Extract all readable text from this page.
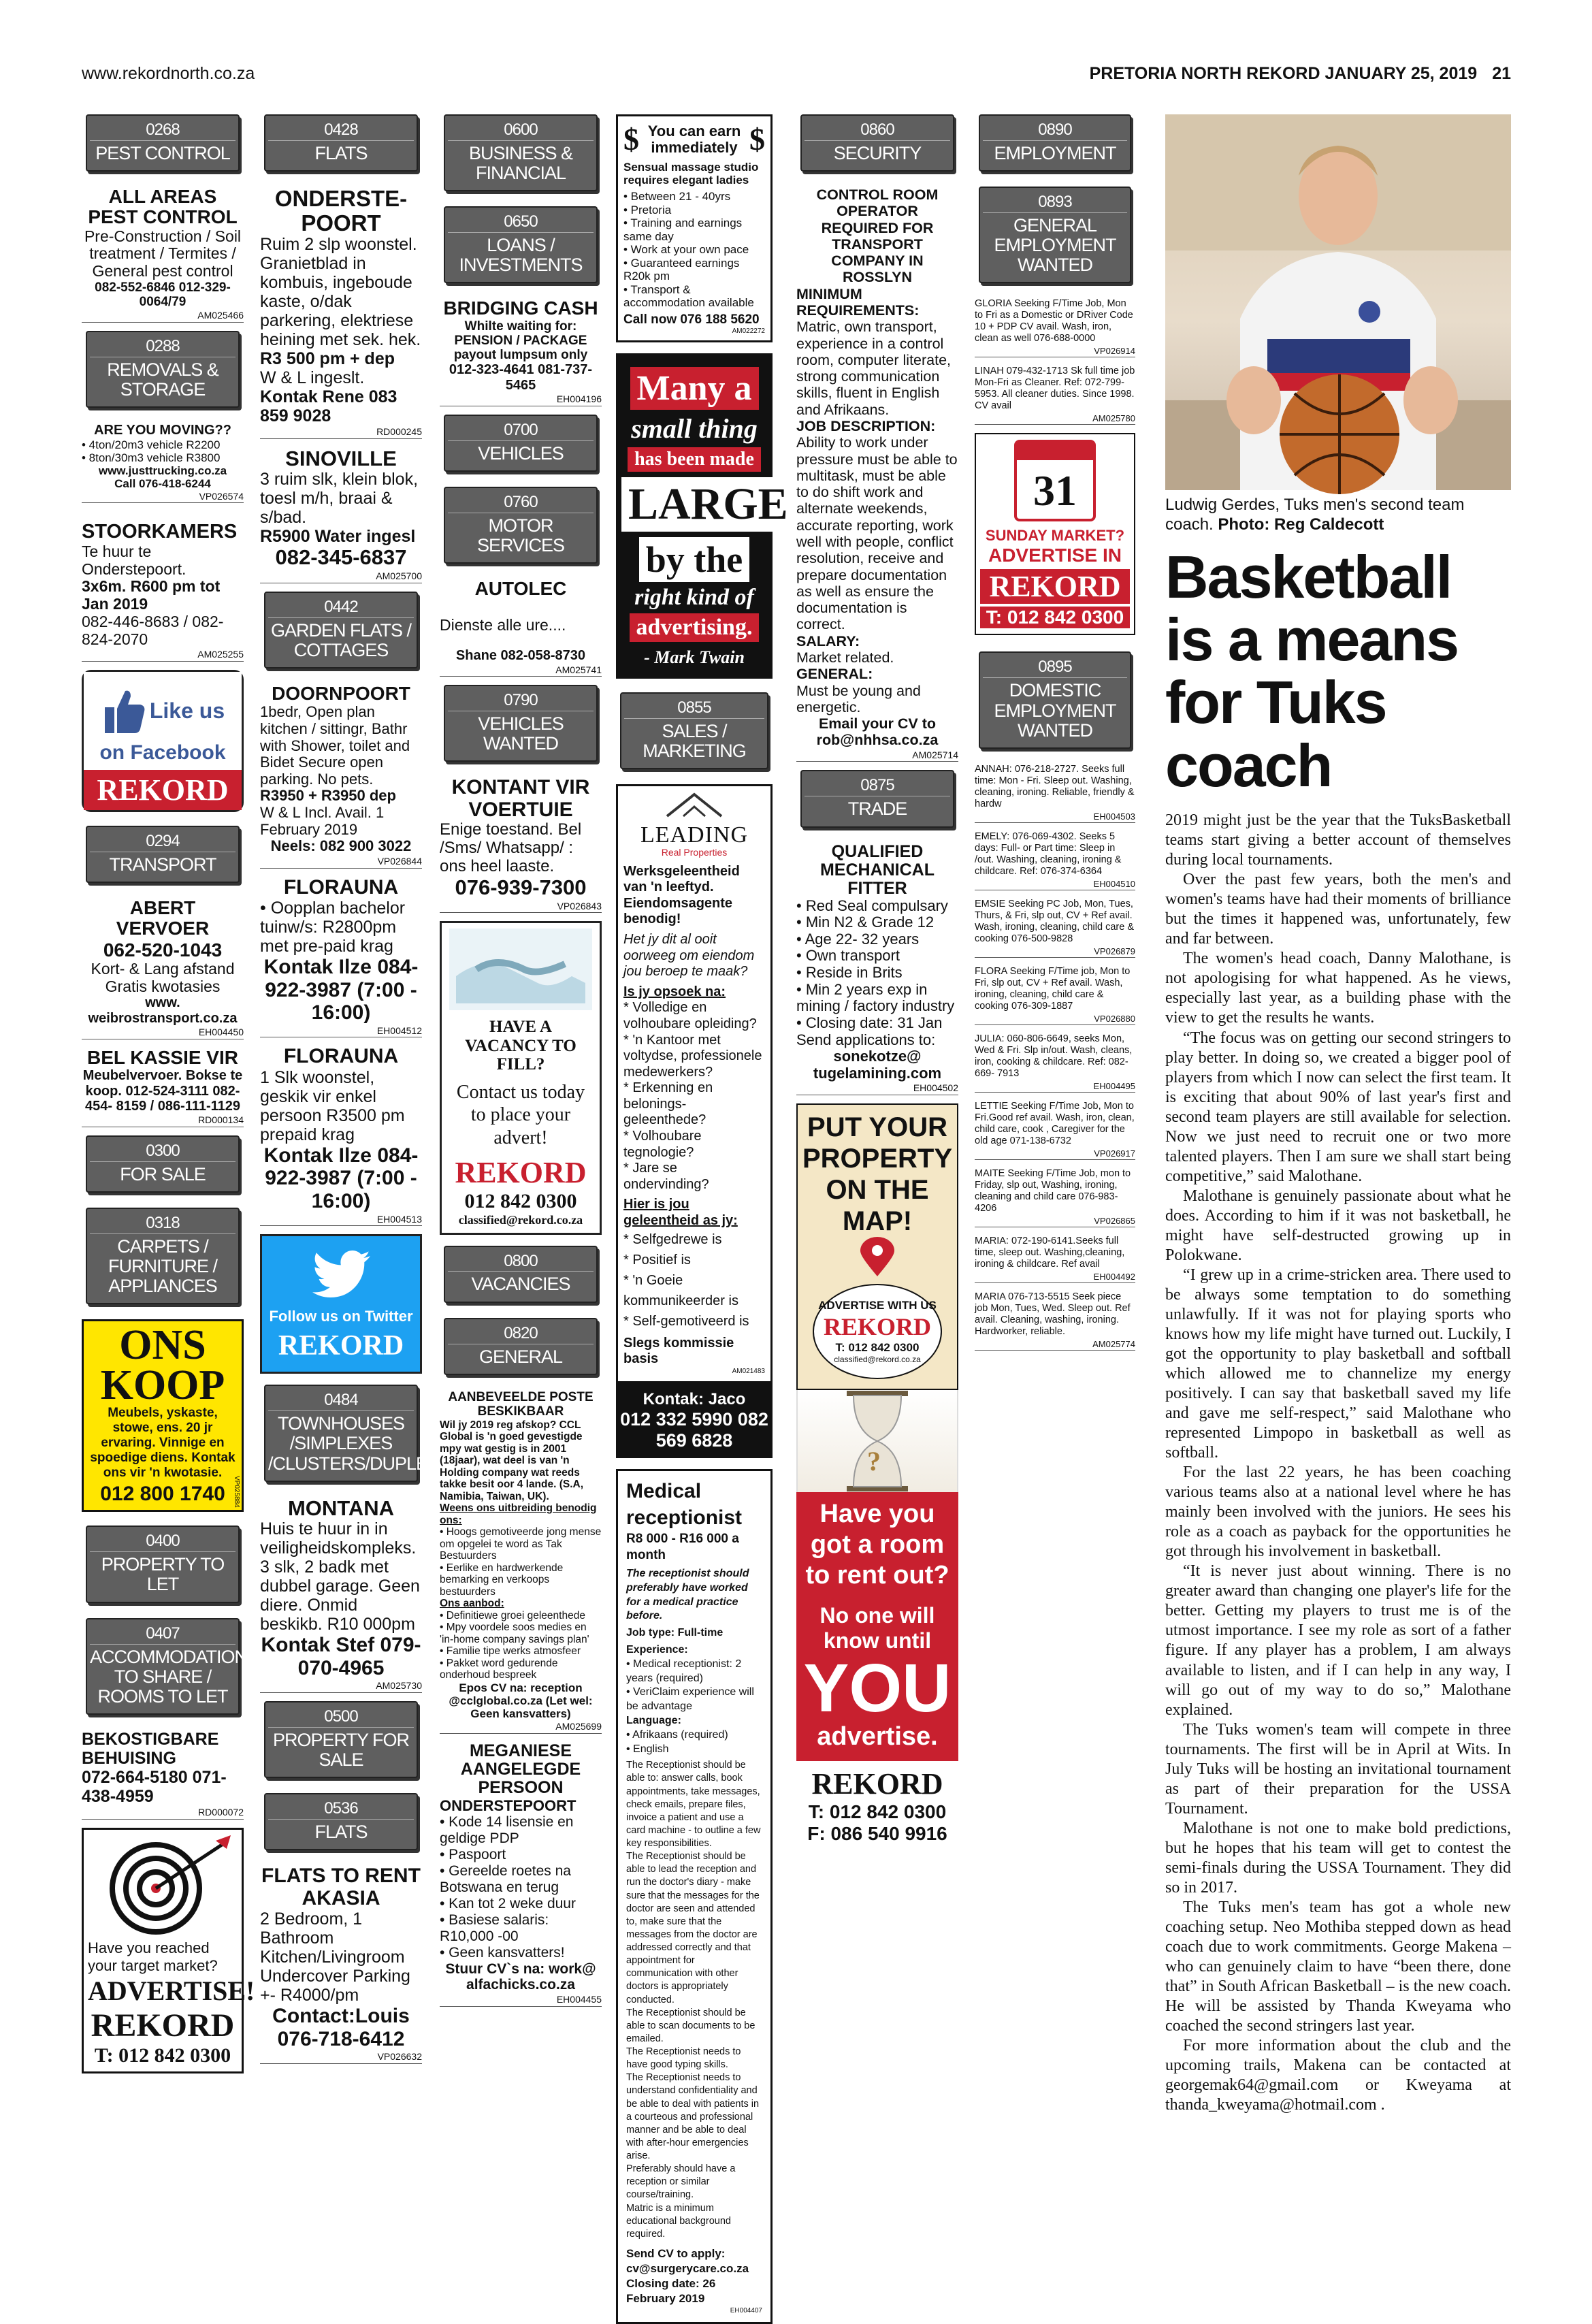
www.rekordnorth.co.za	PRETORIA NORTH REKORD JANUARY 25, 2019 21
0268
PEST CONTROL
ALL AREAS PEST CONTROL
Pre-Construction / Soil treatment / Termites / General pest control
082-552-6846 012-329-0064/79
AM025466
0288
REMOVALS & STORAGE
ARE YOU MOVING??
• 4ton/20m3 vehicle R2200
• 8ton/30m3 vehicle R3800
www.justtrucking.co.za
Call 076-418-6244
VP026574
STOORKAMERS
Te huur te Onderstepoort.
3x6m. R600 pm tot Jan 2019
082-446-8683 / 082-824-2070
AM025255
Like us
on Facebook
REKORD
0294
TRANSPORT
ABERT VERVOER
062-520-1043
Kort- & Lang afstand Gratis kwotasies
www. weibrostransport.co.za
EH004450
BEL KASSIE VIR
Meubelvervoer. Bokse te koop. 012-524-3111 082-454- 8159 / 086-111-1129
RD000134
0300
FOR SALE
0318
CARPETS / FURNITURE / APPLIANCES
ONS KOOP
Meubels, yskaste, stowe, ens. 20 jr ervaring. Vinnige en spoedige diens. Kontak ons vir 'n kwotasie.
012 800 1740	VP025884
0400
PROPERTY TO LET
0407
ACCOMMODATION TO SHARE / ROOMS TO LET
BEKOSTIGBARE BEHUISING
072-664-5180 071- 438-4959
RD000072
Have you reached your target market?
ADVERTISE!
REKORD
T: 012 842 0300
0428
FLATS
ONDERSTE- POORT
Ruim 2 slp woonstel. Granietblad in kombuis, ingeboude kaste, o/dak parkering, elektriese heining met sek. hek.
R3 500 pm + dep
W & L ingeslt.
Kontak Rene 083 859 9028
RD000245
SINOVILLE
3 ruim slk, klein blok, toesl m/h, braai & s/bad.
R5900 Water ingesl
082-345-6837
AM025700
0442
GARDEN FLATS / COTTAGES
DOORNPOORT
1bedr, Open plan kitchen / sittingr, Bathr with Shower, toilet and Bidet Secure open parking. No pets.
R3950 + R3950 dep
W & L Incl. Avail. 1 February 2019
Neels: 082 900 3022
VP026844
FLORAUNA
• Oopplan bachelor tuinw/s: R2800pm met pre-paid krag
Kontak Ilze 084-922-3987 (7:00 - 16:00)
EH004512
FLORAUNA
1 Slk woonstel, geskik vir enkel persoon R3500 pm prepaid krag
Kontak Ilze 084-922-3987 (7:00 - 16:00)
EH004513
Follow us on Twitter
REKORD
0484
TOWNHOUSES /SIMPLEXES /CLUSTERS/DUPLEXES
MONTANA
Huis te huur in in veiligheidskompleks. 3 slk, 2 badk met dubbel garage. Geen diere. Onmid beskikb. R10 000pm
Kontak Stef 079-070-4965
AM025730
0500
PROPERTY FOR SALE
0536
FLATS
FLATS TO RENT AKASIA
2 Bedroom, 1 Bathroom Kitchen/Livingroom Undercover Parking +- R4000/pm
Contact:Louis 076-718-6412
VP026632
0600
BUSINESS & FINANCIAL
0650
LOANS / INVESTMENTS
BRIDGING CASH
Whilte waiting for: PENSION / PACKAGE payout lumpsum only
012-323-4641 081-737-5465
EH004196
0700
VEHICLES
0760
MOTOR SERVICES
AUTOLEC
Dienste alle ure....
Shane 082-058-8730
AM025741
0790
VEHICLES WANTED
KONTANT VIR VOERTUIE
Enige toestand. Bel /Sms/ Whatsapp/ : ons heel laaste.
076-939-7300
VP026843
HAVE A VACANCY TO FILL?
Contact us today to place your advert!
REKORD
012 842 0300
classified@rekord.co.za
0800
VACANCIES
0820
GENERAL
AANBEVEELDE POSTE BESKIKBAAR
Wil jy 2019 reg afskop? CCL Global is 'n goed gevestigde mpy wat gestig is in 2001 (18jaar), wat deel is van 'n Holding company wat reeds takke besit oor 4 lande. (S.A, Namibia, Taiwan, UK).
Weens ons uitbreiding benodig ons:
• Hoogs gemotiveerde jong mense om opgelei te word as Tak Bestuurders
• Eerlike en hardwerkende bemarking en verkoops bestuurders
Ons aanbod:
• Definitiewe groei geleenthede
• Mpy voordele soos medies en 'in-home company savings plan'
• Familie tipe werks atmosfeer
• Pakket word gedurende onderhoud bespreek
Epos CV na: reception @cclglobal.co.za (Let wel: Geen kansvatters)
AM025699
MEGANIESE AANGELEGDE PERSOON
ONDERSTEPOORT
• Kode 14 lisensie en geldige PDP
• Paspoort
• Gereelde roetes na Botswana en terug
• Kan tot 2 weke duur
• Basiese salaris: R10,000 -00
• Geen kansvatters!
Stuur CV`s na: work@ alfachicks.co.za
EH004455
$ You can earn immediately $
Sensual massage studio requires elegant ladies
• Between 21 - 40yrs
• Pretoria
• Training and earnings same day
• Work at your own pace
• Guaranteed earnings R20k pm
• Transport & accommodation available
Call now 076 188 5620
AM022272
Many a

small thing
has been made
LARGE
by the
right kind of
advertising.
- Mark Twain
0855
SALES / MARKETING
LEADING
Real Properties
Werksgeleentheid van 'n leeftyd. Eiendomsagente benodig!
Het jy dit al ooit oorweeg om eiendom jou beroep te maak?
Is jy opsoek na:
* Volledige en volhoubare opleiding?
* 'n Kantoor met voltydse, professionele medewerkers?
* Erkenning en belonings- geleenthede?
* Volhoubare tegnologie?
* Jare se ondervinding?
Hier is jou geleentheid as jy:
* Selfgedrewe is
* Positief is
* 'n Goeie kommunikeerder is
* Self-gemotiveerd is
Slegs kommissie basis
AM021483
Kontak: Jaco
012 332 5990 082 569 6828
Medical receptionist
R8 000 - R16 000 a month
The receptionist should preferably have worked for a medical practice before.
Job type: Full-time
Experience:
• Medical receptionist: 2 years (required)
• VeriClaim experience will be advantage
Language:
• Afrikaans (required)
• English
The Receptionist should be able to: answer calls, book appointments, take messages, check emails, prepare files, invoice a patient and use a card machine - to outline a few key responsibilities.
The Receptionist should be able to lead the reception and run the doctor's diary - make sure that the messages for the doctor are seen and attended to, make sure that the messages from the doctor are addressed correctly and that appointment for communication with other doctors is appropriately conducted.
The Receptionist should be able to scan documents to be emailed.
The Receptionist needs to have good typing skills.
The Receptionist needs to understand confidentiality and be able to deal with patients in a courteous and professional manner and be able to deal with after-hour emergencies arise.
Preferably should have a reception or similar course/training.
Matric is a minimum educational background required.
Send CV to apply: cv@surgerycare.co.za
Closing date: 26 February 2019
EH004407
0860
SECURITY
CONTROL ROOM OPERATOR REQUIRED FOR TRANSPORT COMPANY IN ROSSLYN
MINIMUM REQUIREMENTS:
Matric, own transport, experience in a control room, computer literate, strong communication skills, fluent in English and Afrikaans.
JOB DESCRIPTION:
Ability to work under pressure must be able to multitask, must be able to do shift work and alternate weekends, accurate reporting, work well with people, conflict resolution, receive and prepare documentation as well as ensure the documentation is correct.
SALARY:
Market related.
GENERAL:
Must be young and energetic.
Email your CV to rob@nhhsa.co.za
AM025714
0875
TRADE
QUALIFIED MECHANICAL FITTER
• Red Seal compulsary
• Min N2 & Grade 12
• Age 22- 32 years
• Own transport
• Reside in Brits
• Min 2 years exp in mining / factory industry
• Closing date: 31 Jan
Send applications to:
sonekotze@ tugelamining.com
EH004502
PUT YOUR PROPERTY ON THE MAP!
ADVERTISE WITH US
REKORD
T: 012 842 0300
classified@rekord.co.za
?
Have you got a room to rent out?
No one will know until
YOU
advertise.
REKORD
T: 012 842 0300
F: 086 540 9916
0890
EMPLOYMENT
0893
GENERAL EMPLOYMENT WANTED
GLORIA Seeking F/Time Job, Mon to Fri as a Domestic or DRiver Code 10 + PDP CV avail. Wash, iron, clean as well 076-688-0000
VP026914
LINAH 079-432-1713 Sk full time job Mon-Fri as Cleaner. Ref: 072-799-5953. All cleaner duties. Since 1998. CV avail
AM025780
31
SUNDAY MARKET?
ADVERTISE IN
REKORD
T: 012 842 0300
0895
DOMESTIC EMPLOYMENT WANTED
ANNAH: 076-218-2727. Seeks full time: Mon - Fri. Sleep out. Washing, cleaning, ironing. Reliable, friendly & hardw
EH004503
EMELY: 076-069-4302. Seeks 5 days: Full- or Part time: Sleep in /out. Washing, cleaning, ironing & childcare. Ref: 076-374-6364
EH004510
EMSIE Seeking PC Job, Mon, Tues, Thurs, & Fri, slp out, CV + Ref avail. Wash, ironing, cleaning, child care & cooking 076-500-9828
VP026879
FLORA Seeking F/Time job, Mon to Fri, slp out, CV + Ref avail. Wash, ironing, cleaning, child care & cooking 076-309-1887
VP026880
JULIA: 060-806-6649, seeks Mon, Wed & Fri. Slp in/out. Wash, cleans, iron, cooking & childcare. Ref: 082-669- 7913
EH004495
LETTIE Seeking F/Time Job, Mon to Fri.Good ref avail. Wash, iron, clean, child care, cook , Caregiver for the old age 071-138-6732
VP026917
MAITE Seeking F/Time Job, mon to Friday, slp out, Washing, ironing, cleaning and child care 076-983- 4206
VP026865
MARIA: 072-190-6141.Seeks full time, sleep out. Washing,cleaning, ironing & childcare. Ref avail
EH004492
MARIA 076-713-5515 Seek piece job Mon, Tues, Wed. Sleep out. Ref avail. Cleaning, washing, ironing. Hardworker, reliable.
AM025774
Ludwig Gerdes, Tuks men's second team coach. Photo: Reg Caldecott
Basketball is a means for Tuks coach

2019 might just be the year that the TuksBasketball teams start giving a better account of themselves during local tournaments.

Over the past few years, both the men's and women's teams have had their moments of brilliance but the times it happened was, unfortunately, few and far between.

The women's head coach, Danny Malothane, is not apologising for what happened. As he views, especially last year, as a building phase with the view to get the results he wants.

“The focus was on getting our second stringers to play better. In doing so, we created a bigger pool of players from which I now can select the first team. It is exciting that about 90% of last year's first and second team players are still available for selection. Now we just need to recruit one or two more talented players. Then I am sure we shall start being competitive,” said Malothane.

Malothane is genuinely passionate about what he does. According to him if it was not basketball, he might have self-destructed growing up in Polokwane.

“I grew up in a crime-stricken area. There used to be always some temptation to do something unlawfully. If it was not for playing sports who knows how my life might have turned out. Luckily, I got the opportunity to play basketball and softball which allowed me to channelize my energy positively. I can say that basketball saved my life and gave me self-respect,” said Malothane who represented Limpopo in basketball as well as softball.

For the last 22 years, he has been coaching various teams also at a national level where he has mainly been involved with the juniors. He sees his role as a coach as payback for the opportunities he got through his involvement in basketball.

“It is never just about winning. There is no greater award than changing one player's life for the better. Getting my players to trust me is of the utmost importance. I see my role as sort of a father figure. If any player has a problem, I am always available to listen, and if I can help in any way, I will go out of my way to do so,” Malothane explained.

The Tuks women's team will compete in three tournaments. The first will be in April at Wits. In July Tuks will be hosting an invitational tournament as part of their preparation for the USSA Tournament.

Malothane is not one to make bold predictions, but he hopes that his team will get to contest the semi-finals during the USSA Tournament. They did so in 2017.

The Tuks men's team has got a whole new coaching setup. Neo Mothiba stepped down as head coach due to work commitments. George Makena – who can genuinely claim to have “been there, done that” in South African Basketball – is the new coach. He will be assisted by Thanda Kweyama who coached the second stringers last year.

For more information about the club and the upcoming trails, Makena can be contacted at georgemak64@gmail.com or Kweyama at thanda_kweyama@hotmail.com .
